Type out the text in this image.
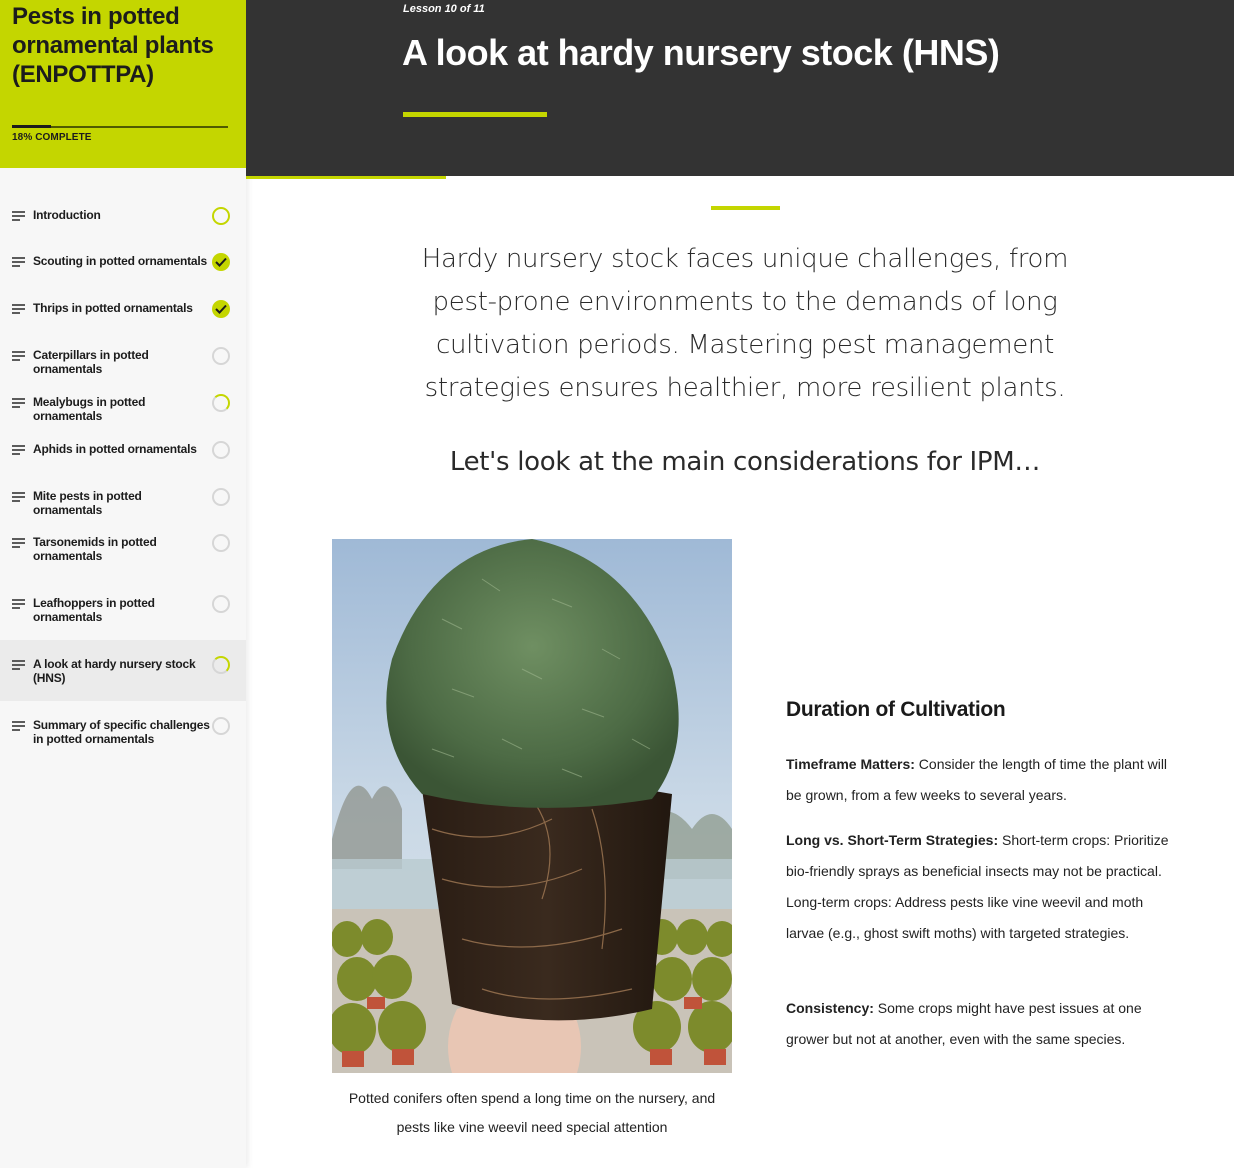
Pests in potted ornamental plants (ENPOTTPA)
18% COMPLETE
Introduction
Scouting in potted ornamentals
Thrips in potted ornamentals
Caterpillars in potted ornamentals
Mealybugs in potted ornamentals
Aphids in potted ornamentals
Mite pests in potted ornamentals
Tarsonemids in potted ornamentals
Leafhoppers in potted ornamentals
A look at hardy nursery stock (HNS)
Summary of specific challenges in potted ornamentals
Lesson 10 of 11
A look at hardy nursery stock (HNS)

Hardy nursery stock faces unique challenges, from pest-prone environments to the demands of long cultivation periods. Mastering pest management strategies ensures healthier, more resilient plants.

Let's look at the main considerations for IPM…

Potted conifers often spend a long time on the nursery, and pests like vine weevil need special attention
Duration of Cultivation

Timeframe Matters: Consider the length of time the plant will be grown, from a few weeks to several years.

Long vs. Short-Term Strategies: Short-term crops: Prioritize bio-friendly sprays as beneficial insects may not be practical. Long-term crops: Address pests like vine weevil and moth larvae (e.g., ghost swift moths) with targeted strategies.

Consistency: Some crops might have pest issues at one grower but not at another, even with the same species.
